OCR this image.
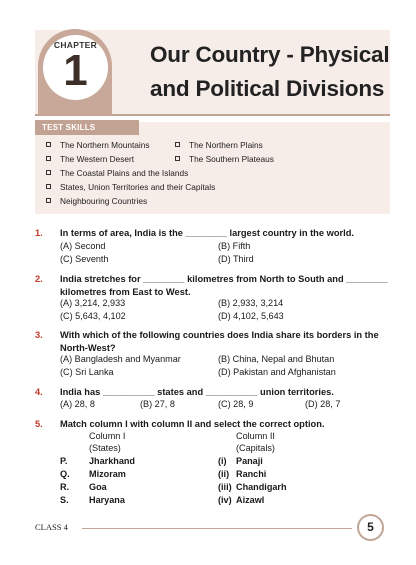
CHAPTER
1	Our Country - Physical
and Political Divisions
TEST SKILLS
The Northern Mountains	The Northern Plains
The Western Desert	The Southern Plateaus
The Coastal Plains and the Islands
States, Union Territories and their Capitals
Neighbouring Countries
1. In terms of area, India is the ________ largest country in the world.
(A) Second	(B) Fifth
(C) Seventh	(D) Third
2. India stretches for ________ kilometres from North to South and ________
kilometres from East to West.
(A) 3,214, 2,933	(B) 2,933, 3,214
(C) 5,643, 4,102	(D) 4,102, 5,643
3. With which of the following countries does India share its borders in the
North-West?
(A) Bangladesh and Myanmar	(B) China, Nepal and Bhutan
(C) Sri Lanka	(D) Pakistan and Afghanistan
4. India has __________ states and __________ union territories.
(A) 28, 8	(B) 27, 8	(C) 28, 9	(D) 28, 7
5. Match column I with column II and select the correct option.
Column I
(States)
Column II
(Capitals)
P. Jharkhand	(i) Panaji
Q. Mizoram	(ii) Ranchi
R. Goa	(iii) Chandigarh
S. Haryana	(iv) Aizawl
CLASS 4	5
